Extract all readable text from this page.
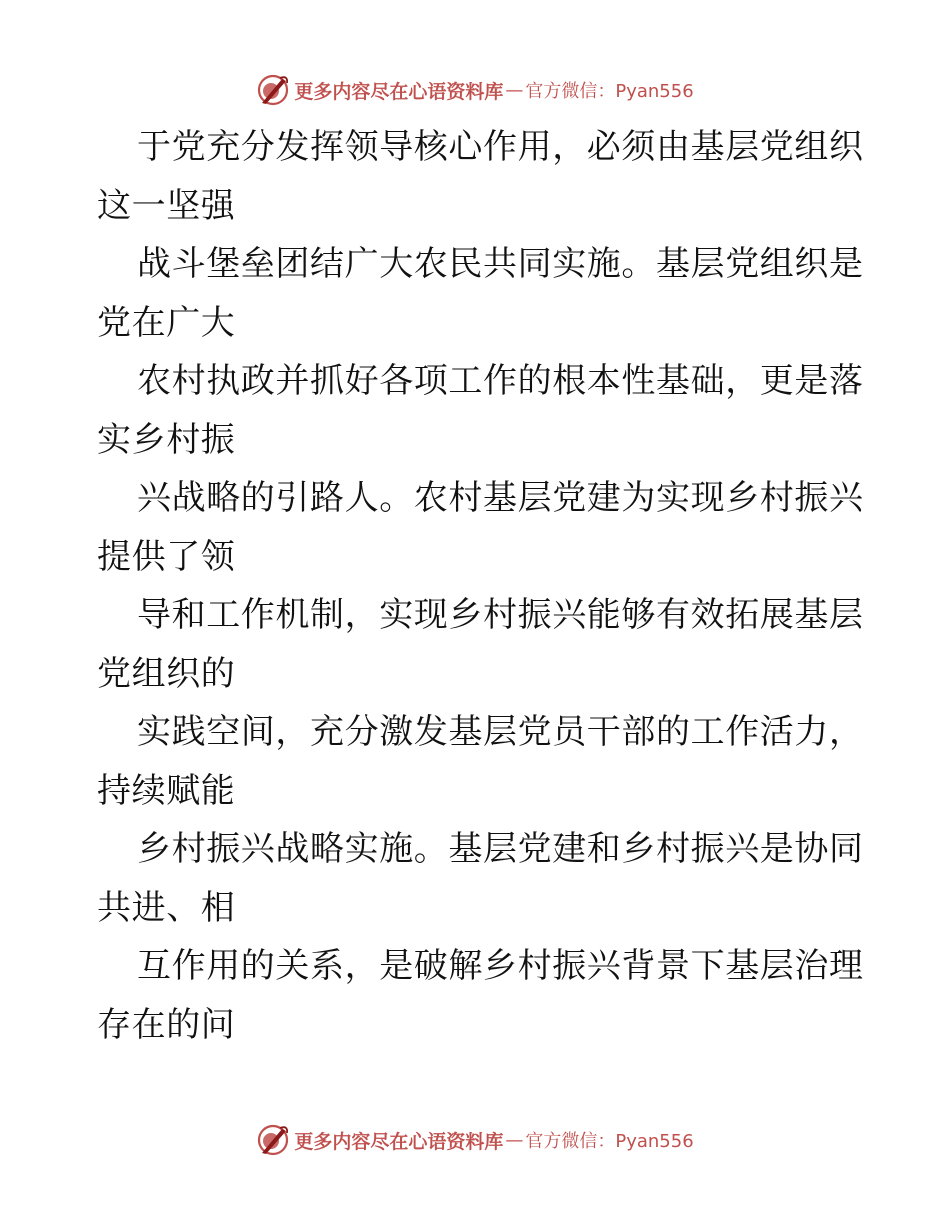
更多内容尽在心语资料库 — 官方微信：Pyan556
于党充分发挥领导核心作用，必须由基层党组织
这一坚强
战斗堡垒团结广大农民共同实施。基层党组织是
党在广大
农村执政并抓好各项工作的根本性基础，更是落
实乡村振
兴战略的引路人。农村基层党建为实现乡村振兴
提供了领
导和工作机制，实现乡村振兴能够有效拓展基层
党组织的
实践空间，充分激发基层党员干部的工作活力，
持续赋能
乡村振兴战略实施。基层党建和乡村振兴是协同
共进、相
互作用的关系，是破解乡村振兴背景下基层治理
存在的问
更多内容尽在心语资料库 — 官方微信：Pyan556
